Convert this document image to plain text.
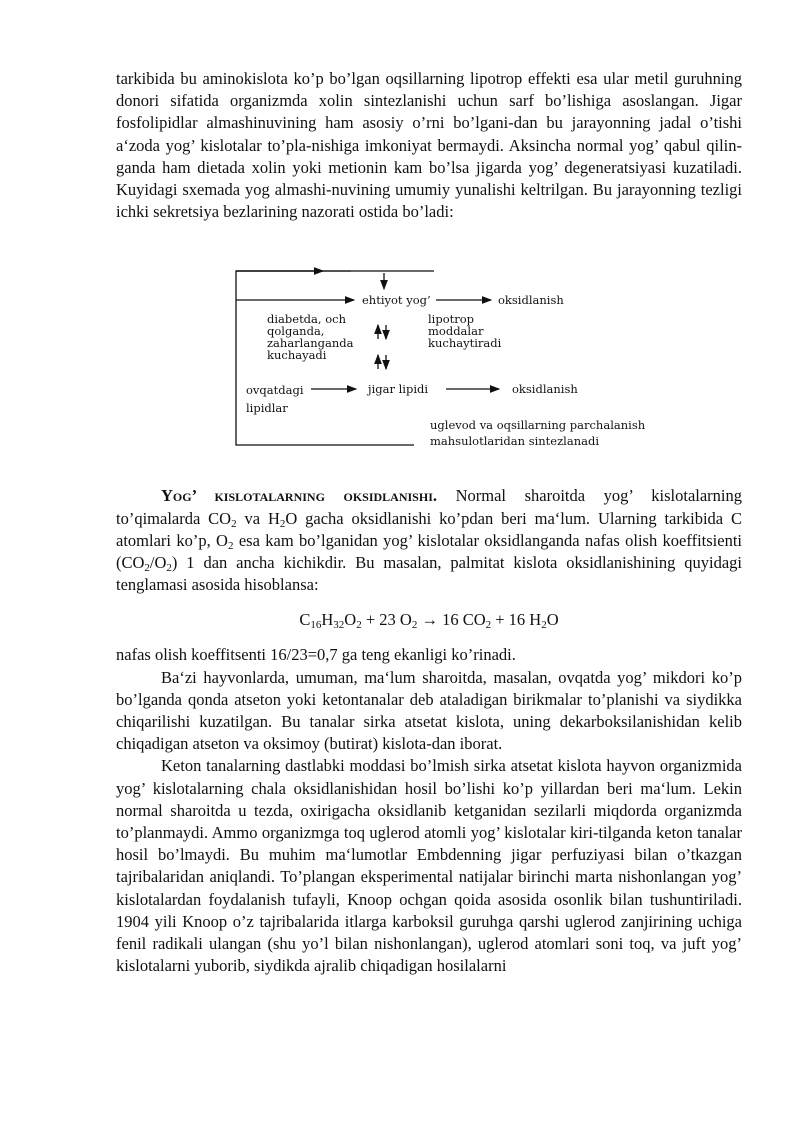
tarkibida bu aminokislota ko’p bo’lgan oqsillarning lipotrop effekti esa ular metil guruhning donori sifatida organizmda xolin sintezlanishi uchun sarf bo’lishiga asoslangan. Jigar fosfolipidlar almashinuvining ham asosiy o’rni bo’lgani-dan bu jarayonning jadal o’tishi a‘zoda yog’ kislotalar to’pla-nishiga imkoniyat bermaydi. Aksincha normal yog’ qabul qilin-ganda ham dietada xolin yoki metionin kam bo’lsa jigarda yog’ degeneratsiyasi kuzatiladi. Kuyidagi sxemada yog almashi-nuvining umumiy yunalishi keltrilgan. Bu jarayonning tezligi ichki sekretsiya bezlarining nazorati ostida bo’ladi:

ehtiyot yog’	oksidlanish
diabetda, och
qolganda,
zaharlanganda
kuchayadi
lipotrop
moddalar
kuchaytiradi
ovqatdagi
lipidlar
jigar lipidi	oksidlanish
uglevod va oqsillarning parchalanish
mahsulotlaridan sintezlanadi

Yog’ kislotalarning oksidlanishi. Normal sharoitda yog’ kislotalarning to’qimalarda $CO_2$ va $H_2O$ gacha oksidlanishi ko’pdan beri ma‘lum. Ularning tarkibida C atomlari ko’p, $O_2$ esa kam bo’lganidan yog’ kislotalar oksidlanganda nafas olish koeffitsienti $(CO_2/O_2)$ 1 dan ancha kichikdir. Bu masalan, palmitat kislota oksidlanishining quyidagi tenglamasi asosida hisoblansa:

$C_{16}H_{32}O_2 + 23$ $O_2 \to 16$ $CO_2 + 16$ $H_2O$

nafas olish koeffitsenti 16/23=0,7 ga teng ekanligi ko’rinadi.

Ba‘zi hayvonlarda, umuman, ma‘lum sharoitda, masalan, ovqatda yog’ mikdori ko’p bo’lganda qonda atseton yoki ketontanalar deb ataladigan birikmalar to’planishi va siydikka chiqarilishi kuzatilgan. Bu tanalar sirka atsetat kislota, uning dekarboksilanishidan kelib chiqadigan atseton va oksimoy (butirat) kislota-dan iborat.

Keton tanalarning dastlabki moddasi bo’lmish sirka atsetat kislota hayvon organizmida yog’ kislotalarning chala oksidlanishidan hosil bo’lishi ko’p yillardan beri ma‘lum. Lekin normal sharoitda u tezda, oxirigacha oksidlanib ketganidan sezilarli miqdorda organizmda to’planmaydi. Ammo organizmga toq uglerod atomli yog’ kislotalar kiri-tilganda keton tanalar hosil bo’lmaydi. Bu muhim ma‘lumotlar Embdenning jigar perfuziyasi bilan o’tkazgan tajribalaridan aniqlandi. To’plangan eksperimental natijalar birinchi marta nishonlangan yog’ kislotalardan foydalanish tufayli, Knoop ochgan qoida asosida osonlik bilan tushuntiriladi. 1904 yili Knoop o’z tajribalarida itlarga karboksil guruhga qarshi uglerod zanjirining uchiga fenil radikali ulangan (shu yo’l bilan nishonlangan), uglerod atomlari soni toq, va juft yog’ kislotalarni yuborib, siydikda ajralib chiqadigan hosilalarni
